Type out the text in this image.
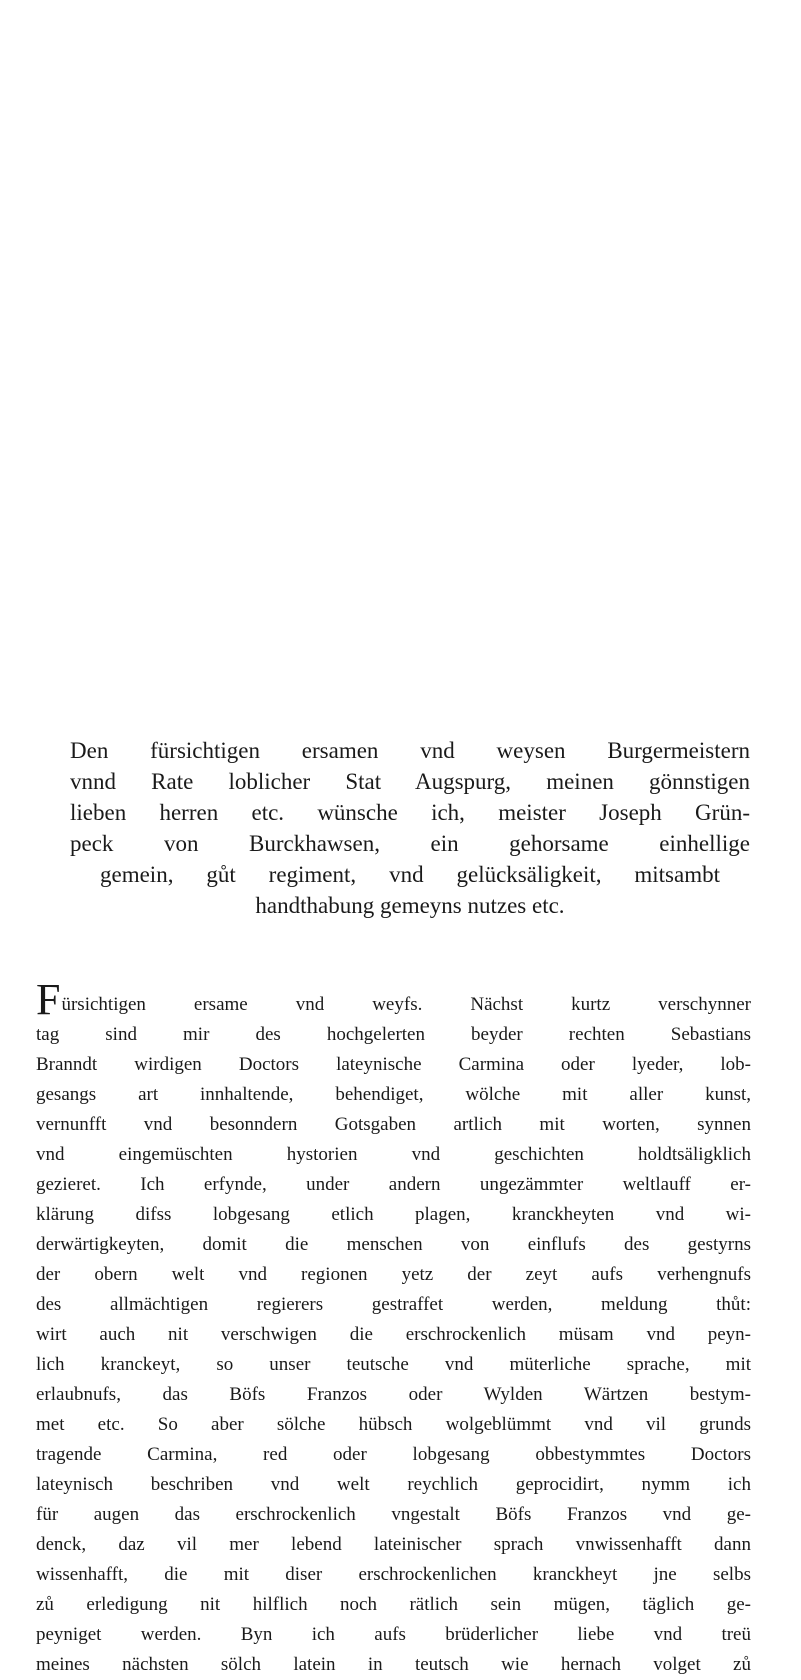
Den fürsichtigen ersamen vnd weysen Burgermeistern
vnnd Rate loblicher Stat Augspurg, meinen gönnstigen
lieben herren etc. wünsche ich, meister Joseph Grün-
peck von Burckhawsen, ein gehorsame einhellige
gemein, gůt regiment, vnd gelücksäligkeit, mitsambt
handthabung gemeyns nutzes etc.
Fürsichtigen ersame vnd weyfs. Nächst kurtz verschynner
tag sind mir des hochgelerten beyder rechten Sebastians
Branndt wirdigen Doctors lateynische Carmina oder lyeder, lob-
gesangs art innhaltende, behendiget, wölche mit aller kunst,
vernunfft vnd besonndern Gotsgaben artlich mit worten, synnen
vnd eingemüschten hystorien vnd geschichten holdtsäligklich
gezieret. Ich erfynde, under andern ungezämmter weltlauff er-
klärung difss lobgesang etlich plagen, kranckheyten vnd wi-
derwärtigkeyten, domit die menschen von einflufs des gestyrns
der obern welt vnd regionen yetz der zeyt aufs verhengnufs
des allmächtigen regierers gestraffet werden, meldung thůt:
wirt auch nit verschwigen die erschrockenlich müsam vnd peyn-
lich kranckeyt, so unser teutsche vnd müterliche sprache, mit
erlaubnufs, das Böfs Franzos oder Wylden Wärtzen bestym-
met etc. So aber sölche hübsch wolgeblümmt vnd vil grunds
tragende Carmina, red oder lobgesang obbestymmtes Doctors
lateynisch beschriben vnd welt reychlich geprocidirt, nymm ich
für augen das erschrockenlich vngestalt Böfs Franzos vnd ge-
denck, daz vil mer lebend lateinischer sprach vnwissenhafft dann
wissenhafft, die mit diser erschrockenlichen kranckheyt jne selbs
zů erledigung nit hilflich noch rätlich sein mügen, täglich ge-
peyniget werden. Byn ich aufs brüderlicher liebe vnd treü
meines nächsten sölch latein in teutsch wie hernach volget zů
